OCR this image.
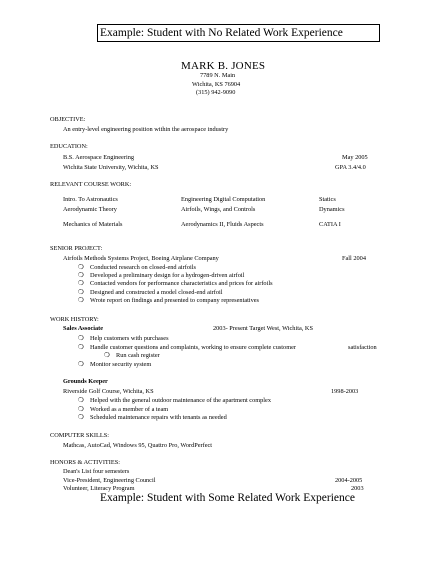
Example: Student with No Related Work Experience
MARK B. JONES
7789 N. Main
Wichita, KS 76904
(315) 942-9090
OBJECTIVE:
An entry-level engineering position within the aerospace industry
EDUCATION:
B.S. Aerospace Engineering	May 2005
Wichita State University, Wichita, KS	GPA 3.4/4.0
RELEVANT COURSE WORK:
Intro. To Astronautics	Engineering Digital Computation	Statics
Aerodynamic Theory	Airfoils, Wings, and Controls	Dynamics
Mechanics of Materials	Aerodynamics II, Fluids Aspects	CATIA I
SENIOR PROJECT:
Airfoils Methods Systems Project, Boeing Airplane Company	Fall 2004
❍ Conducted research on closed-end airfoils
❍ Developed a preliminary design for a hydrogen-driven airfoil
❍ Contacted vendors for performance characteristics and prices for airfoils
❍ Designed and constructed a model closed-end airfoil
❍ Wrote report on findings and presented to company representatives
WORK HISTORY:
Sales Associate	2003- Present Target West, Wichita, KS
❍ Help customers with purchases
❍ Handle customer questions and complaints, working to ensure complete customer	satisfaction
❍ Run cash register
❍ Monitor security system
Grounds Keeper
Riverside Golf Course, Wichita, KS	1998-2003
❍ Helped with the general outdoor maintenance of the apartment complex
❍ Worked as a member of a team
❍ Scheduled maintenance repairs with tenants as needed
COMPUTER SKILLS:
Mathcas, AutoCad, Windows 95, Quattro Pro, WordPerfect
HONORS & ACTIVITIES:
Dean's List four semesters
Vice-President, Engineering Council	2004-2005
Volunteer, Literacy Program	2003
Example: Student with Some Related Work Experience
